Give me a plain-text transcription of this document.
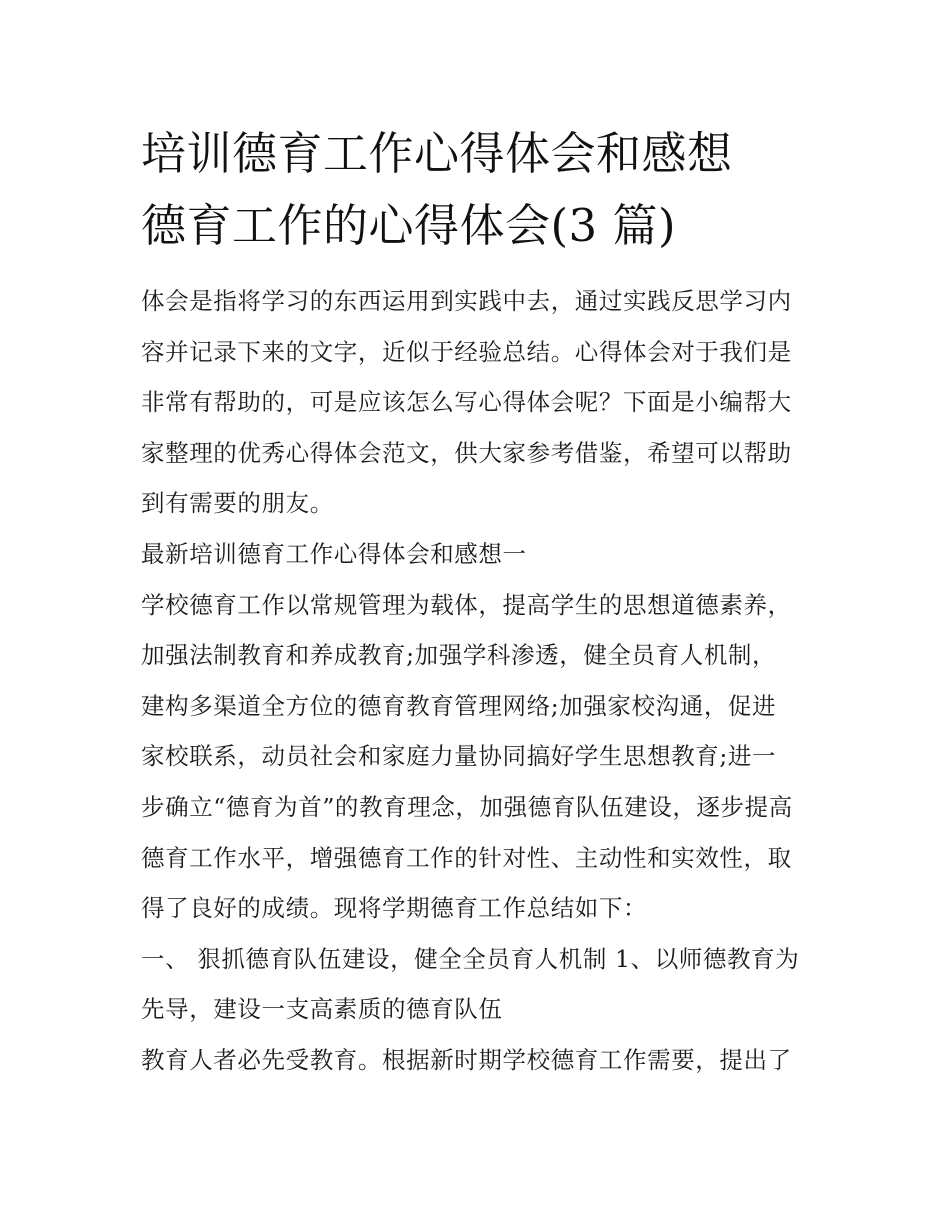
培训德育工作心得体会和感想
德育工作的心得体会(3 篇)
体会是指将学习的东西运用到实践中去，通过实践反思学习内
容并记录下来的文字，近似于经验总结。心得体会对于我们是
非常有帮助的，可是应该怎么写心得体会呢？下面是小编帮大
家整理的优秀心得体会范文，供大家参考借鉴，希望可以帮助
到有需要的朋友。
最新培训德育工作心得体会和感想一
学校德育工作以常规管理为载体，提高学生的思想道德素养，
加强法制教育和养成教育;加强学科渗透，健全员育人机制，
建构多渠道全方位的德育教育管理网络;加强家校沟通，促进
家校联系，动员社会和家庭力量协同搞好学生思想教育;进一
步确立“德育为首”的教育理念，加强德育队伍建设，逐步提高
德育工作水平，增强德育工作的针对性、主动性和实效性，取
得了良好的成绩。现将学期德育工作总结如下：
一、 狠抓德育队伍建设，健全全员育人机制 1、以师德教育为
先导，建设一支高素质的德育队伍
教育人者必先受教育。根据新时期学校德育工作需要，提出了
